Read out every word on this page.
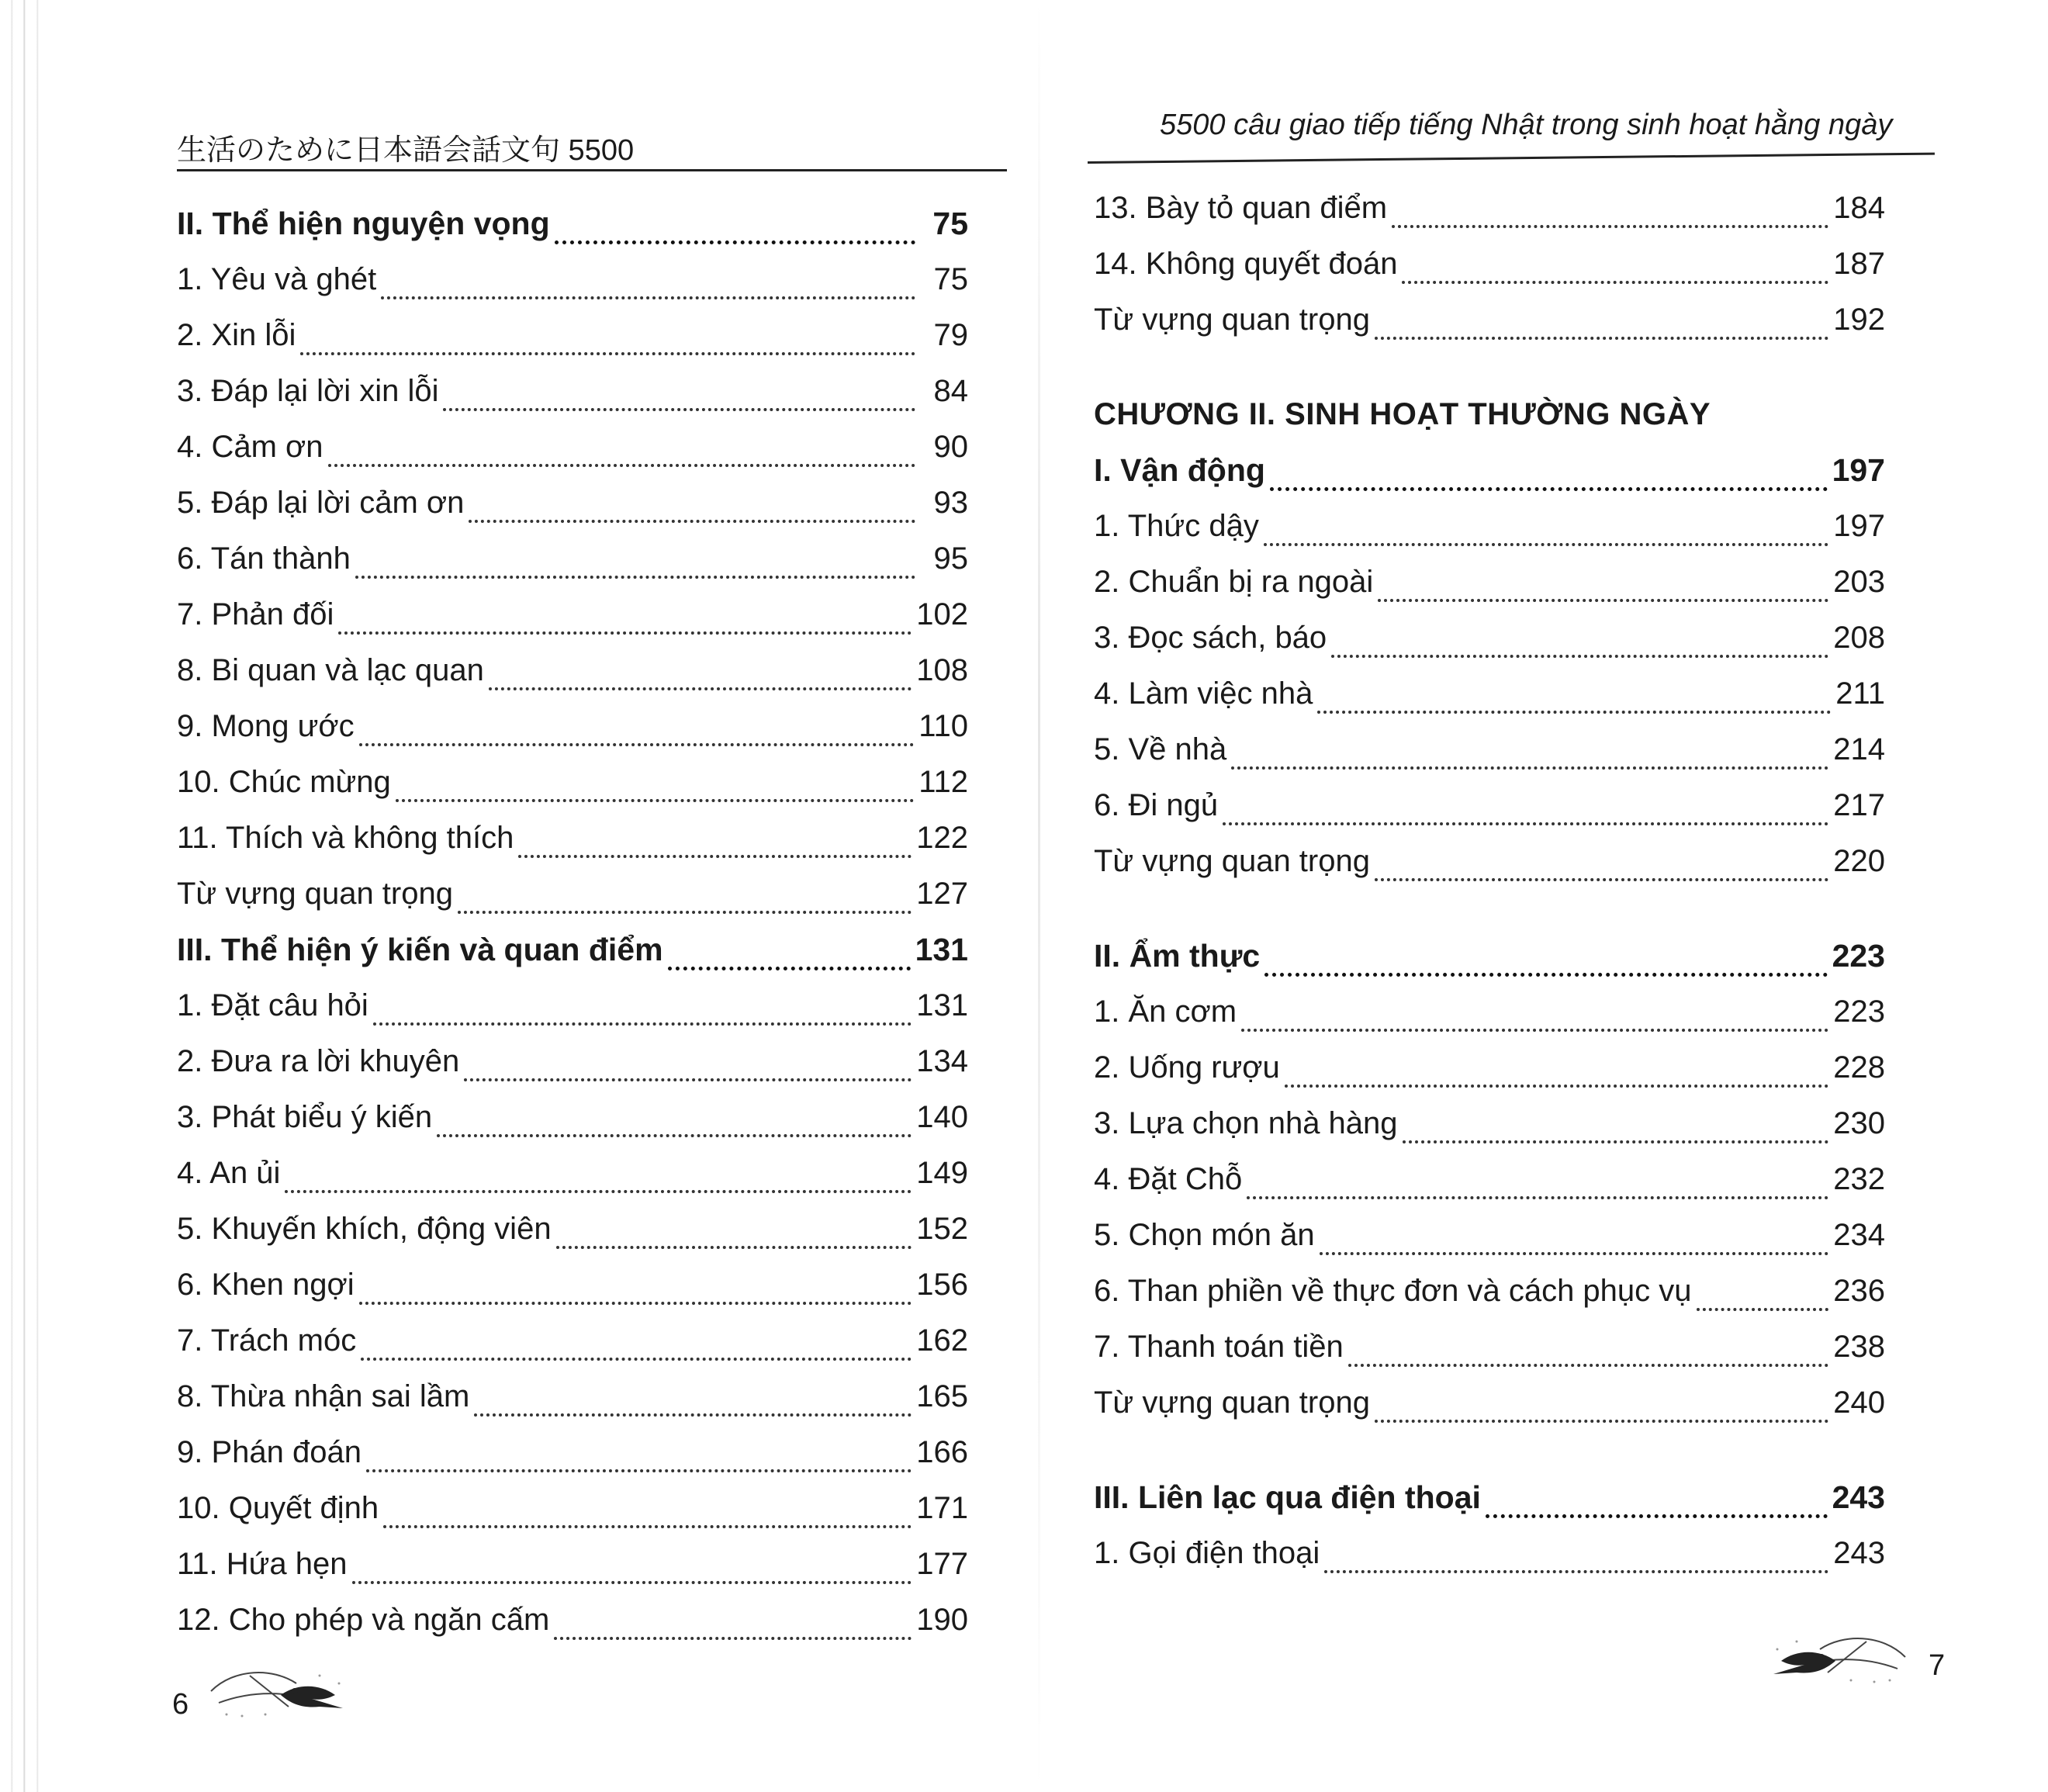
生活のために日本語会話文句 5500
II. Thể hiện nguyện vọng	75
1. Yêu và ghét	75
2. Xin lỗi	79
3. Đáp lại lời xin lỗi	84
4. Cảm ơn	90
5. Đáp lại lời cảm ơn	93
6. Tán thành	95
7. Phản đối	102
8. Bi quan và lạc quan	108
9. Mong ước	110
10. Chúc mừng	112
11. Thích và không thích	122
Từ vựng quan trọng	127
III. Thể hiện ý kiến và quan điểm	131
1. Đặt câu hỏi	131
2. Đưa ra lời khuyên	134
3. Phát biểu ý kiến	140
4. An ủi	149
5. Khuyến khích, động viên	152
6. Khen ngợi	156
7. Trách móc	162
8. Thừa nhận sai lầm	165
9. Phán đoán	166
10. Quyết định	171
11. Hứa hẹn	177
12. Cho phép và ngăn cấm	190
6
5500 câu giao tiếp tiếng Nhật trong sinh hoạt hằng ngày
13. Bày tỏ quan điểm	184
14. Không quyết đoán	187
Từ vựng quan trọng	192
CHƯƠNG II. SINH HOẠT THƯỜNG NGÀY
I. Vận động	197
1. Thức dậy	197
2. Chuẩn bị ra ngoài	203
3. Đọc sách, báo	208
4. Làm việc nhà	211
5. Về nhà	214
6. Đi ngủ	217
Từ vựng quan trọng	220
II. Ẩm thực	223
1. Ăn cơm	223
2. Uống rượu	228
3. Lựa chọn nhà hàng	230
4. Đặt Chỗ	232
5. Chọn món ăn	234
6. Than phiền về thực đơn và cách phục vụ	236
7. Thanh toán tiền	238
Từ vựng quan trọng	240
III. Liên lạc qua điện thoại	243
1. Gọi điện thoại	243
7
